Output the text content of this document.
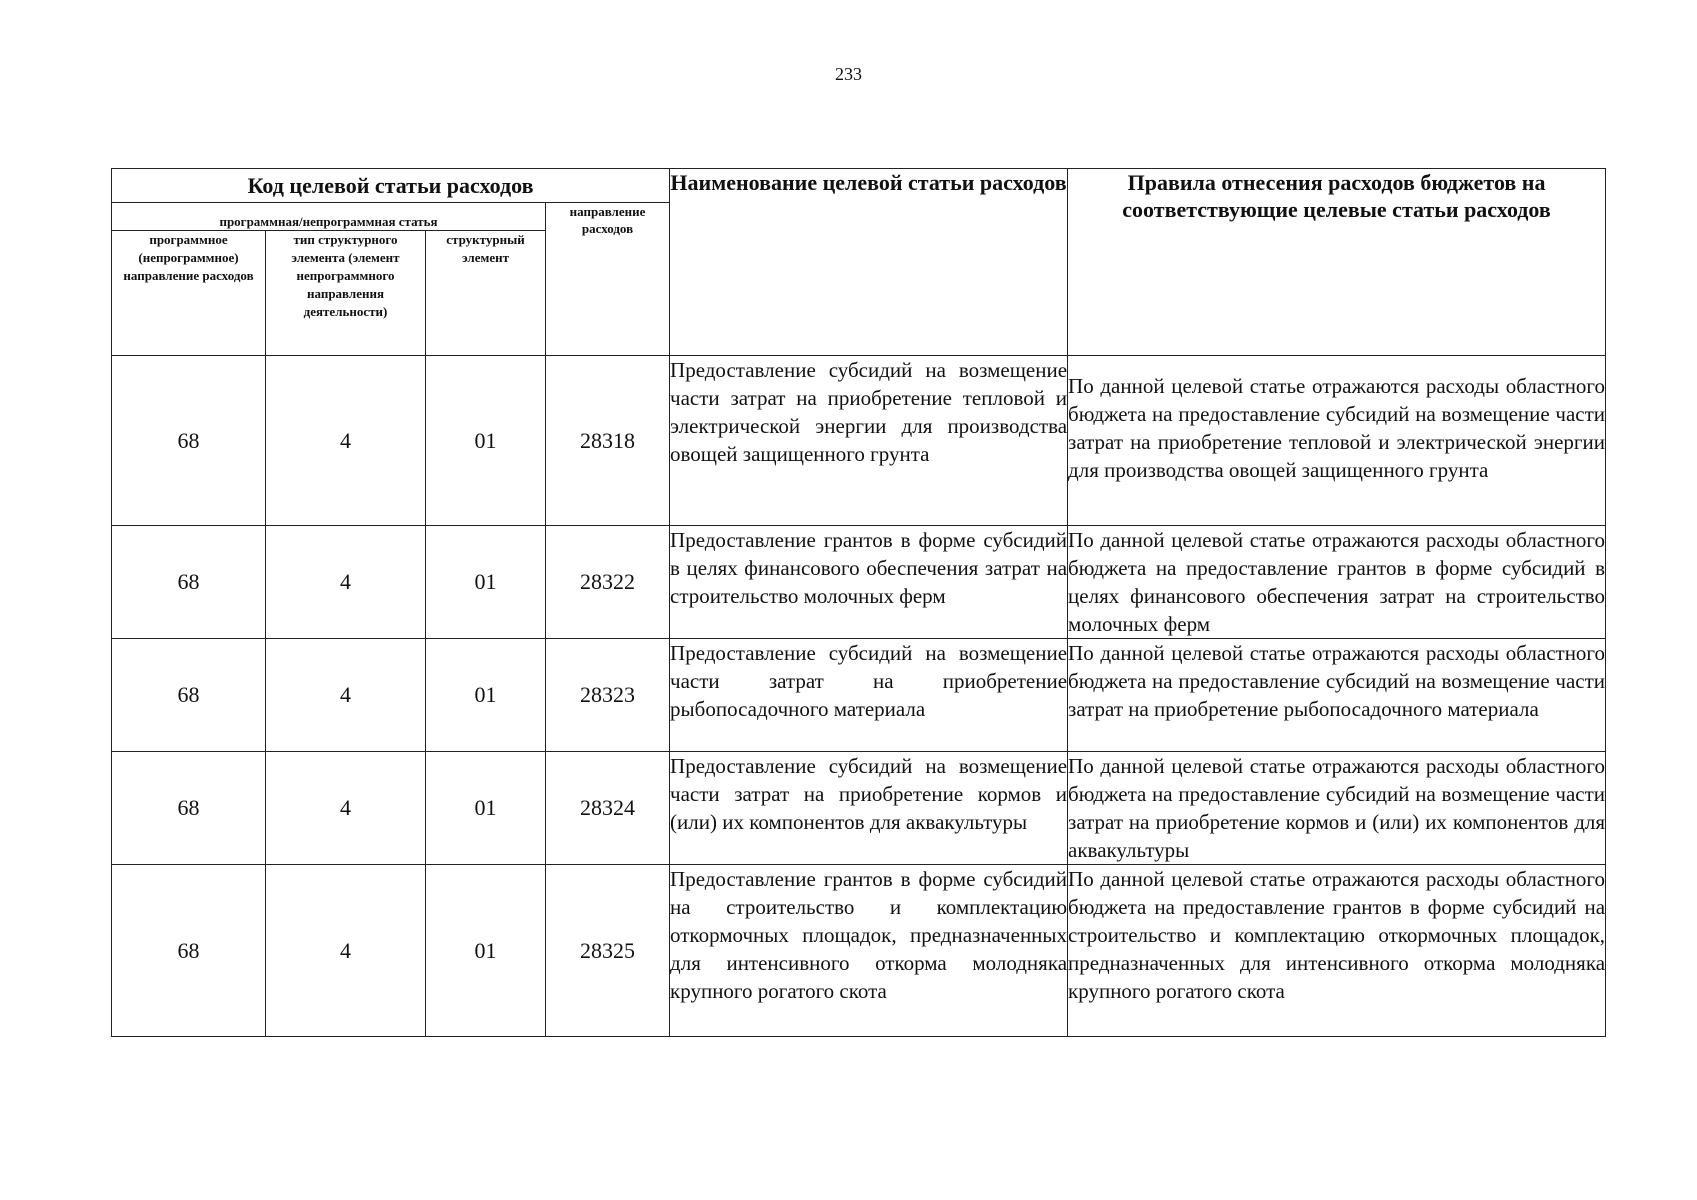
233
Код целевой статьи расходов				Наименование целевой статьи расходов	Правила отнесения расходов бюджетов на соответствующие целевые статьи расходов
программная/непрограммная статья			направление расходов		
программное (непрограммное) направление расходов	тип структурного элемента (элемент непрограммного направления деятельности)	структурный элемент			
68	4	01	28318	Предоставление субсидий на возмещение части затрат на приобретение тепловой и электрической энергии для производства овощей защищенного грунта	По данной целевой статье отражаются расходы областного бюджета на предоставление субсидий на возмещение части затрат на приобретение тепловой и электрической энергии для производства овощей защищенного грунта
68	4	01	28322	Предоставление грантов в форме субсидий в целях финансового обеспечения затрат на строительство молочных ферм	По данной целевой статье отражаются расходы областного бюджета на предоставление грантов в форме субсидий в целях финансового обеспечения затрат на строительство молочных ферм
68	4	01	28323	Предоставление субсидий на возмещение части затрат на приобретение рыбопосадочного материала	По данной целевой статье отражаются расходы областного бюджета на предоставление субсидий на возмещение части затрат на приобретение рыбопосадочного материала
68	4	01	28324	Предоставление субсидий на возмещение части затрат на приобретение кормов и (или) их компонентов для аквакультуры	По данной целевой статье отражаются расходы областного бюджета на предоставление субсидий на возмещение части затрат на приобретение кормов и (или) их компонентов для аквакультуры
68	4	01	28325	Предоставление грантов в форме субсидий на строительство и комплектацию откормочных площадок, предназначенных для интенсивного откорма молодняка крупного рогатого скота	По данной целевой статье отражаются расходы областного бюджета на предоставление грантов в форме субсидий на строительство и комплектацию откормочных площадок, предназначенных для интенсивного откорма молодняка крупного рогатого скота
